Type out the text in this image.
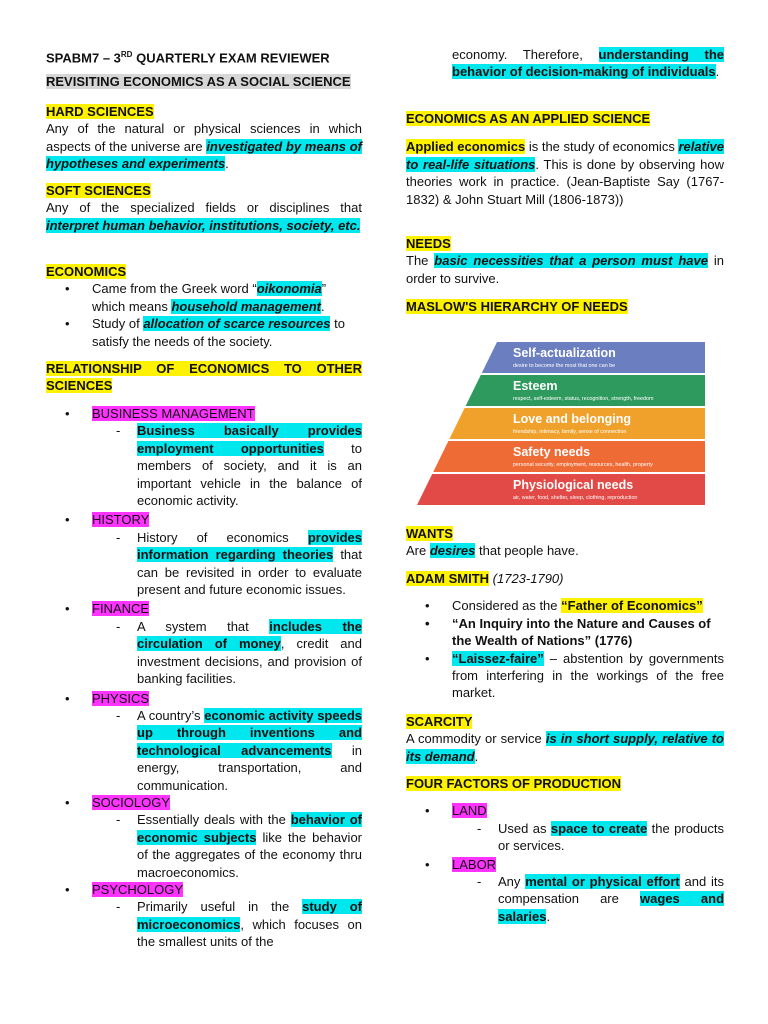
SPABM7 – 3RD QUARTERLY EXAM REVIEWER
REVISITING ECONOMICS AS A SOCIAL SCIENCE
HARD SCIENCES

Any of the natural or physical sciences in which aspects of the universe are investigated by means of hypotheses and experiments.

SOFT SCIENCES

Any of the specialized fields or disciplines that interpret human behavior, institutions, society, etc.

ECONOMICS
• Came from the Greek word “oikonomia” which means household management.
• Study of allocation of scarce resources to satisfy the needs of the society.

RELATIONSHIP OF ECONOMICS TO OTHER SCIENCES

• BUSINESS MANAGEMENT
- Business basically provides employment opportunities to members of society, and it is an important vehicle in the balance of economic activity.
• HISTORY
- History of economics provides information regarding theories that can be revisited in order to evaluate present and future economic issues.
• FINANCE
- A system that includes the circulation of money, credit and investment decisions, and provision of banking facilities.
• PHYSICS
- A country’s economic activity speeds up through inventions and technological advancements in energy, transportation, and communication.
• SOCIOLOGY
- Essentially deals with the behavior of economic subjects like the behavior of the aggregates of the economy thru macroeconomics.
• PSYCHOLOGY
- Primarily useful in the study of microeconomics, which focuses on the smallest units of the
economy. Therefore, understanding the behavior of decision-making of individuals.
ECONOMICS AS AN APPLIED SCIENCE

Applied economics is the study of economics relative to real-life situations. This is done by observing how theories work in practice. (Jean-Baptiste Say (1767-1832) & John Stuart Mill (1806-1873))

NEEDS

The basic necessities that a person must have in order to survive.

MASLOW'S HIERARCHY OF NEEDS
Self-actualization
desire to become the most that one can be
Esteem
respect, self-esteem, status, recognition, strength, freedom
Love and belonging
friendship, intimacy, family, sense of connection
Safety needs
personal security, employment, resources, health, property
Physiological needs
air, water, food, shelter, sleep, clothing, reproduction
WANTS

Are desires that people have.

ADAM SMITH (1723-1790)
• Considered as the “Father of Economics”
• “An Inquiry into the Nature and Causes of the Wealth of Nations” (1776)
• “Laissez-faire” – abstention by governments from interfering in the workings of the free market.
SCARCITY

A commodity or service is in short supply, relative to its demand.

FOUR FACTORS OF PRODUCTION
• LAND
- Used as space to create the products or services.
• LABOR
- Any mental or physical effort and its compensation are wages and salaries.
